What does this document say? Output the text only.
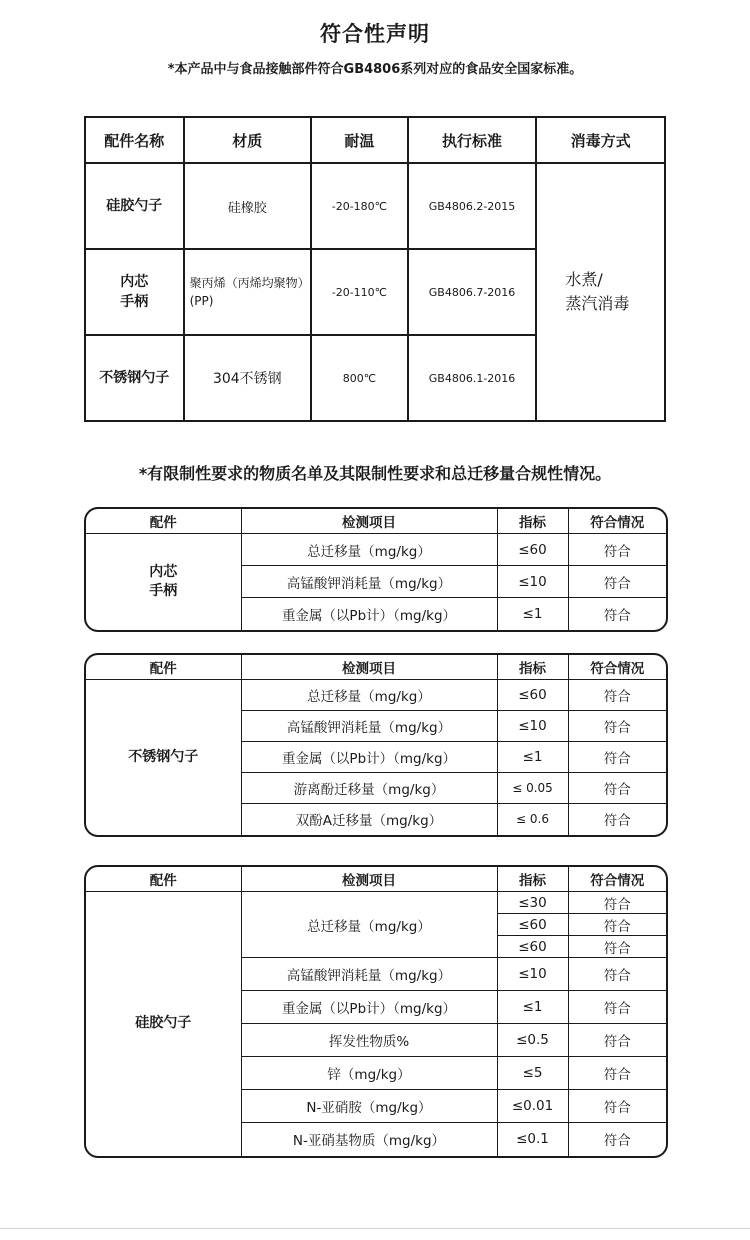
符合性声明
*本产品中与食品接触部件符合GB4806系列对应的食品安全国家标准。
配件名称	材质	耐温	执行标准	消毒方式
硅胶勺子	硅橡胶	-20-180℃	GB4806.2-2015	水煮/
蒸汽消毒

内芯
手柄	聚丙烯（丙烯均聚物）(PP)	-20-110℃	GB4806.7-2016	
不锈钢勺子	304不锈钢	800℃	GB4806.1-2016	
*有限制性要求的物质名单及其限制性要求和总迁移量合规性情况。
配件	检测项目	指标	符合情况

内芯
手柄	总迁移量（mg/kg）	≤60	符合
	高锰酸钾消耗量（mg/kg）	≤10	符合
	重金属（以Pb计）（mg/kg）	≤1	符合
配件	检测项目	指标	符合情况

不锈钢勺子	总迁移量（mg/kg）	≤60	符合
	高锰酸钾消耗量（mg/kg）	≤10	符合
	重金属（以Pb计）（mg/kg）	≤1	符合
	游离酚迁移量（mg/kg）	≤ 0.05	符合
	双酚A迁移量（mg/kg）	≤ 0.6	符合
配件	检测项目	指标	符合情况

硅胶勺子	总迁移量（mg/kg）	≤30	符合
		≤60	符合
		≤60	符合
	高锰酸钾消耗量（mg/kg）	≤10	符合
	重金属（以Pb计）（mg/kg）	≤1	符合
	挥发性物质%	≤0.5	符合
	锌（mg/kg）	≤5	符合
	N-亚硝胺（mg/kg）	≤0.01	符合
	N-亚硝基物质（mg/kg）	≤0.1	符合
